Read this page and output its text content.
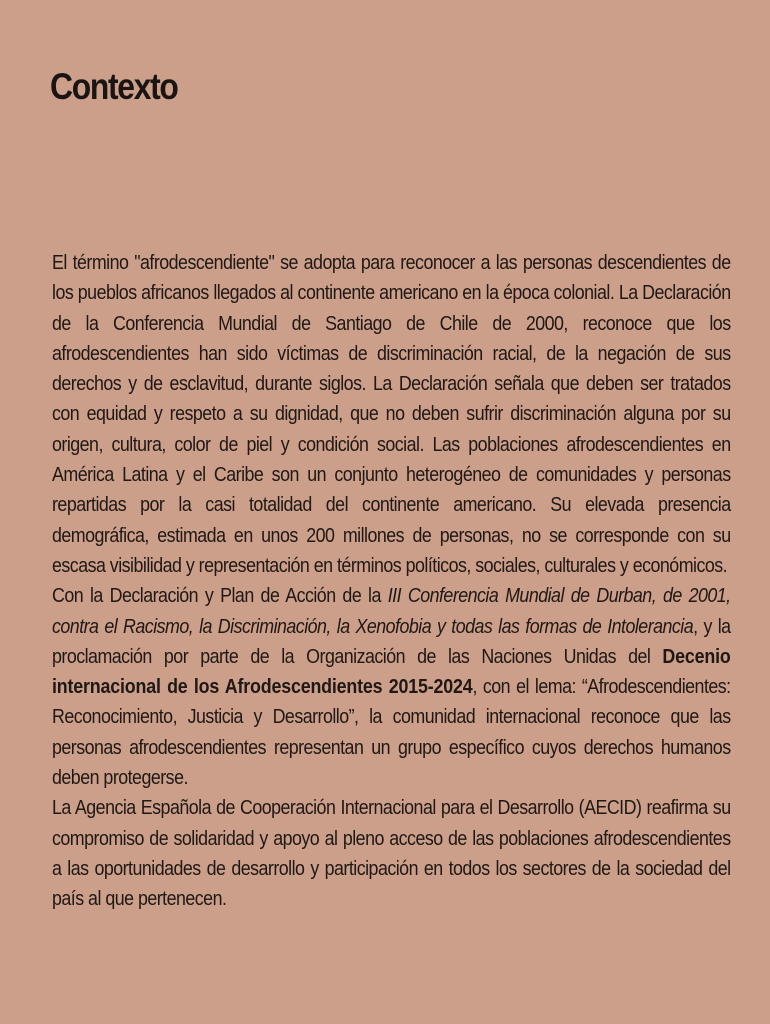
Contexto

El término "afrodescendiente" se adopta para reconocer a las personas descendientes de los pueblos africanos llegados al continente americano en la época colonial. La Declaración de la Conferencia Mundial de Santiago de Chile de 2000, reconoce que los afrodescendientes han sido víctimas de discriminación racial, de la negación de sus derechos y de esclavitud, durante siglos. La Declaración señala que deben ser tratados con equidad y respeto a su dignidad, que no deben sufrir discriminación alguna por su origen, cultura, color de piel y condición social. Las poblaciones afrodescendientes en América Latina y el Caribe son un conjunto heterogéneo de comunidades y personas repartidas por la casi totalidad del continente americano. Su elevada presencia demográfica, estimada en unos 200 millones de personas, no se corresponde con su escasa visibilidad y representación en términos políticos, sociales, culturales y económicos.

Con la Declaración y Plan de Acción de la III Conferencia Mundial de Durban, de 2001, contra el Racismo, la Discriminación, la Xenofobia y todas las formas de Intolerancia, y la proclamación por parte de la Organización de las Naciones Unidas del Decenio internacional de los Afrodescendientes 2015-2024, con el lema: “Afrodescendientes: Reconocimiento, Justicia y Desarrollo”, la comunidad internacional reconoce que las personas afrodescendientes representan un grupo específico cuyos derechos humanos deben protegerse.

La Agencia Española de Cooperación Internacional para el Desarrollo (AECID) reafirma su compromiso de solidaridad y apoyo al pleno acceso de las poblaciones afrodescendientes a las oportunidades de desarrollo y participación en todos los sectores de la sociedad del país al que pertenecen.
